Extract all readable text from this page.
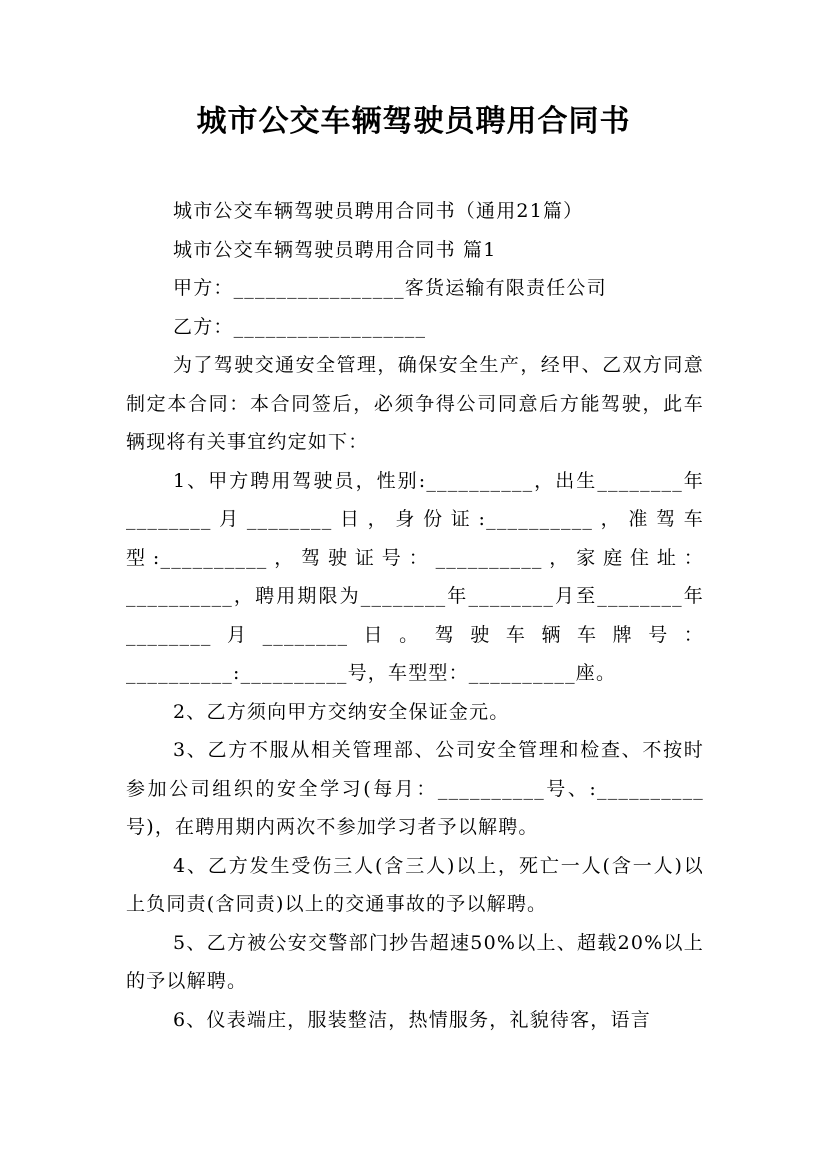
城市公交车辆驾驶员聘用合同书

城市公交车辆驾驶员聘用合同书（通用21篇）

城市公交车辆驾驶员聘用合同书 篇1

甲方：________________客货运输有限责任公司

乙方：__________________

为了驾驶交通安全管理，确保安全生产，经甲、乙双方同意制定本合同：本合同签后，必须争得公司同意后方能驾驶，此车辆现将有关事宜约定如下：

1、甲方聘用驾驶员，性别:__________，出生________年________月________日，身份证:__________，准驾车型:__________，驾驶证号：__________，家庭住址：__________，聘用期限为________年________月至________年________月________日。驾驶车辆车牌号：__________:__________号，车型型：__________座。

2、乙方须向甲方交纳安全保证金元。

3、乙方不服从相关管理部、公司安全管理和检查、不按时参加公司组织的安全学习(每月：__________号、:__________号)，在聘用期内两次不参加学习者予以解聘。

4、乙方发生受伤三人(含三人)以上，死亡一人(含一人)以上负同责(含同责)以上的交通事故的予以解聘。

5、乙方被公安交警部门抄告超速50%以上、超载20%以上的予以解聘。

6、仪表端庄，服装整洁，热情服务，礼貌待客，语言
